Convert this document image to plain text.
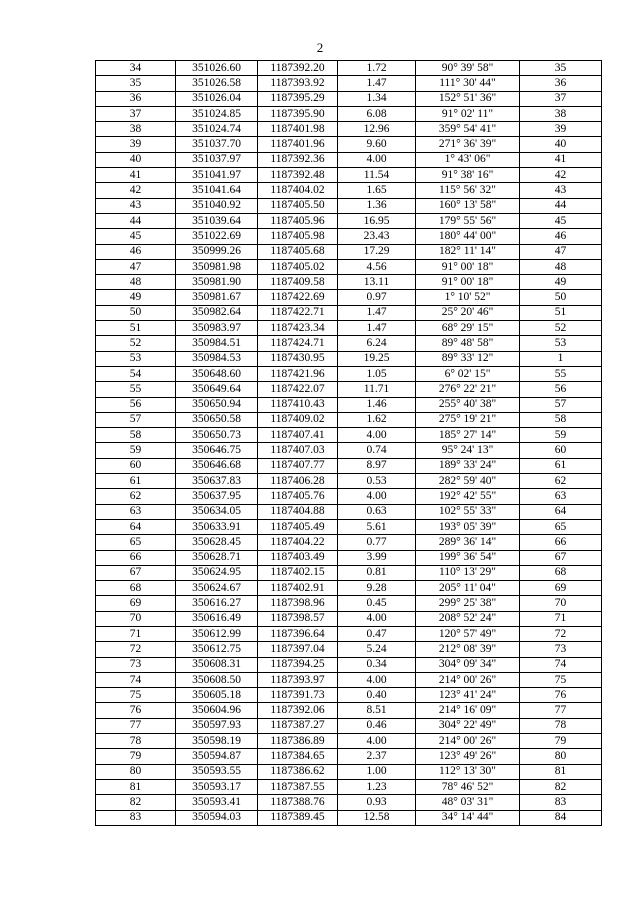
2
34	351026.60	1187392.20	1.72	90° 39' 58"	35
35	351026.58	1187393.92	1.47	111° 30' 44"	36
36	351026.04	1187395.29	1.34	152° 51' 36"	37
37	351024.85	1187395.90	6.08	91° 02' 11"	38
38	351024.74	1187401.98	12.96	359° 54' 41"	39
39	351037.70	1187401.96	9.60	271° 36' 39"	40
40	351037.97	1187392.36	4.00	1° 43' 06"	41
41	351041.97	1187392.48	11.54	91° 38' 16"	42
42	351041.64	1187404.02	1.65	115° 56' 32"	43
43	351040.92	1187405.50	1.36	160° 13' 58"	44
44	351039.64	1187405.96	16.95	179° 55' 56"	45
45	351022.69	1187405.98	23.43	180° 44' 00"	46
46	350999.26	1187405.68	17.29	182° 11' 14"	47
47	350981.98	1187405.02	4.56	91° 00' 18"	48
48	350981.90	1187409.58	13.11	91° 00' 18"	49
49	350981.67	1187422.69	0.97	1° 10' 52"	50
50	350982.64	1187422.71	1.47	25° 20' 46"	51
51	350983.97	1187423.34	1.47	68° 29' 15"	52
52	350984.51	1187424.71	6.24	89° 48' 58"	53
53	350984.53	1187430.95	19.25	89° 33' 12"	1
54	350648.60	1187421.96	1.05	6° 02' 15"	55
55	350649.64	1187422.07	11.71	276° 22' 21"	56
56	350650.94	1187410.43	1.46	255° 40' 38"	57
57	350650.58	1187409.02	1.62	275° 19' 21"	58
58	350650.73	1187407.41	4.00	185° 27' 14"	59
59	350646.75	1187407.03	0.74	95° 24' 13"	60
60	350646.68	1187407.77	8.97	189° 33' 24"	61
61	350637.83	1187406.28	0.53	282° 59' 40"	62
62	350637.95	1187405.76	4.00	192° 42' 55"	63
63	350634.05	1187404.88	0.63	102° 55' 33"	64
64	350633.91	1187405.49	5.61	193° 05' 39"	65
65	350628.45	1187404.22	0.77	289° 36' 14"	66
66	350628.71	1187403.49	3.99	199° 36' 54"	67
67	350624.95	1187402.15	0.81	110° 13' 29"	68
68	350624.67	1187402.91	9.28	205° 11' 04"	69
69	350616.27	1187398.96	0.45	299° 25' 38"	70
70	350616.49	1187398.57	4.00	208° 52' 24"	71
71	350612.99	1187396.64	0.47	120° 57' 49"	72
72	350612.75	1187397.04	5.24	212° 08' 39"	73
73	350608.31	1187394.25	0.34	304° 09' 34"	74
74	350608.50	1187393.97	4.00	214° 00' 26"	75
75	350605.18	1187391.73	0.40	123° 41' 24"	76
76	350604.96	1187392.06	8.51	214° 16' 09"	77
77	350597.93	1187387.27	0.46	304° 22' 49"	78
78	350598.19	1187386.89	4.00	214° 00' 26"	79
79	350594.87	1187384.65	2.37	123° 49' 26"	80
80	350593.55	1187386.62	1.00	112° 13' 30"	81
81	350593.17	1187387.55	1.23	78° 46' 52"	82
82	350593.41	1187388.76	0.93	48° 03' 31"	83
83	350594.03	1187389.45	12.58	34° 14' 44"	84
